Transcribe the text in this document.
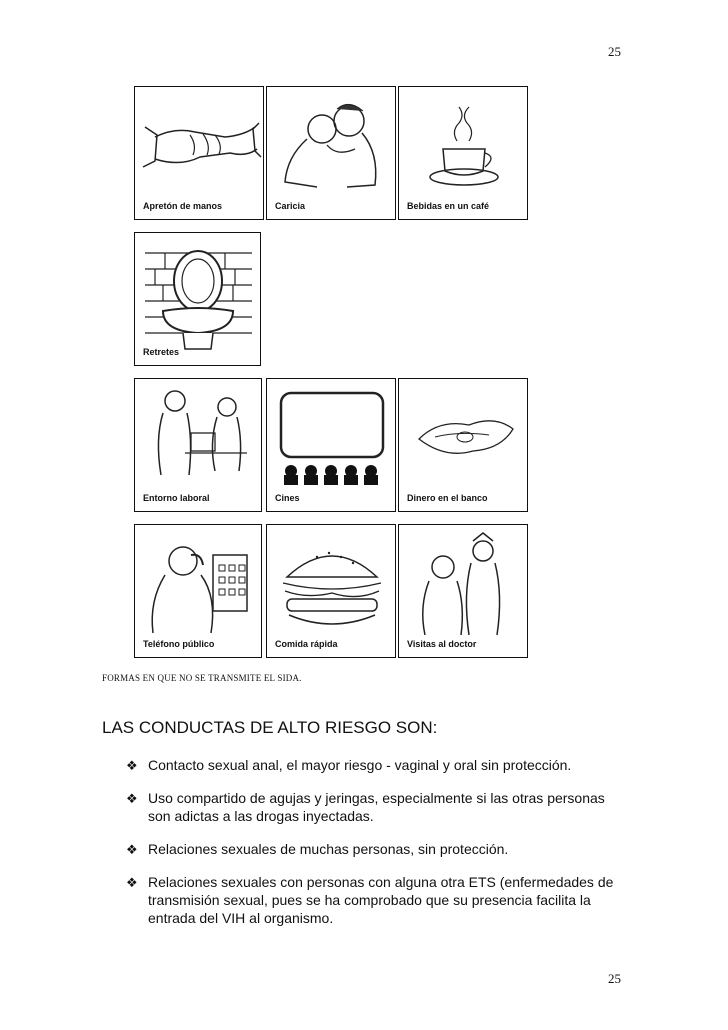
25
Apretón de manos	Caricia	Bebidas en un café
Retretes
Entorno laboral	Cines	Dinero en el banco
Teléfono público	Comida rápida	Visitas al doctor
FORMAS EN QUE NO SE TRANSMITE EL SIDA.
LAS CONDUCTAS DE ALTO RIESGO SON:
❖ Contacto sexual anal, el mayor riesgo - vaginal y oral sin protección.
❖ Uso compartido de agujas y jeringas, especialmente si las otras personas son adictas a las drogas inyectadas.
❖ Relaciones sexuales de muchas personas, sin protección.
❖ Relaciones sexuales con personas con alguna otra ETS (enfermedades de transmisión sexual, pues se ha comprobado que su presencia facilita la entrada del VIH al organismo.
25
